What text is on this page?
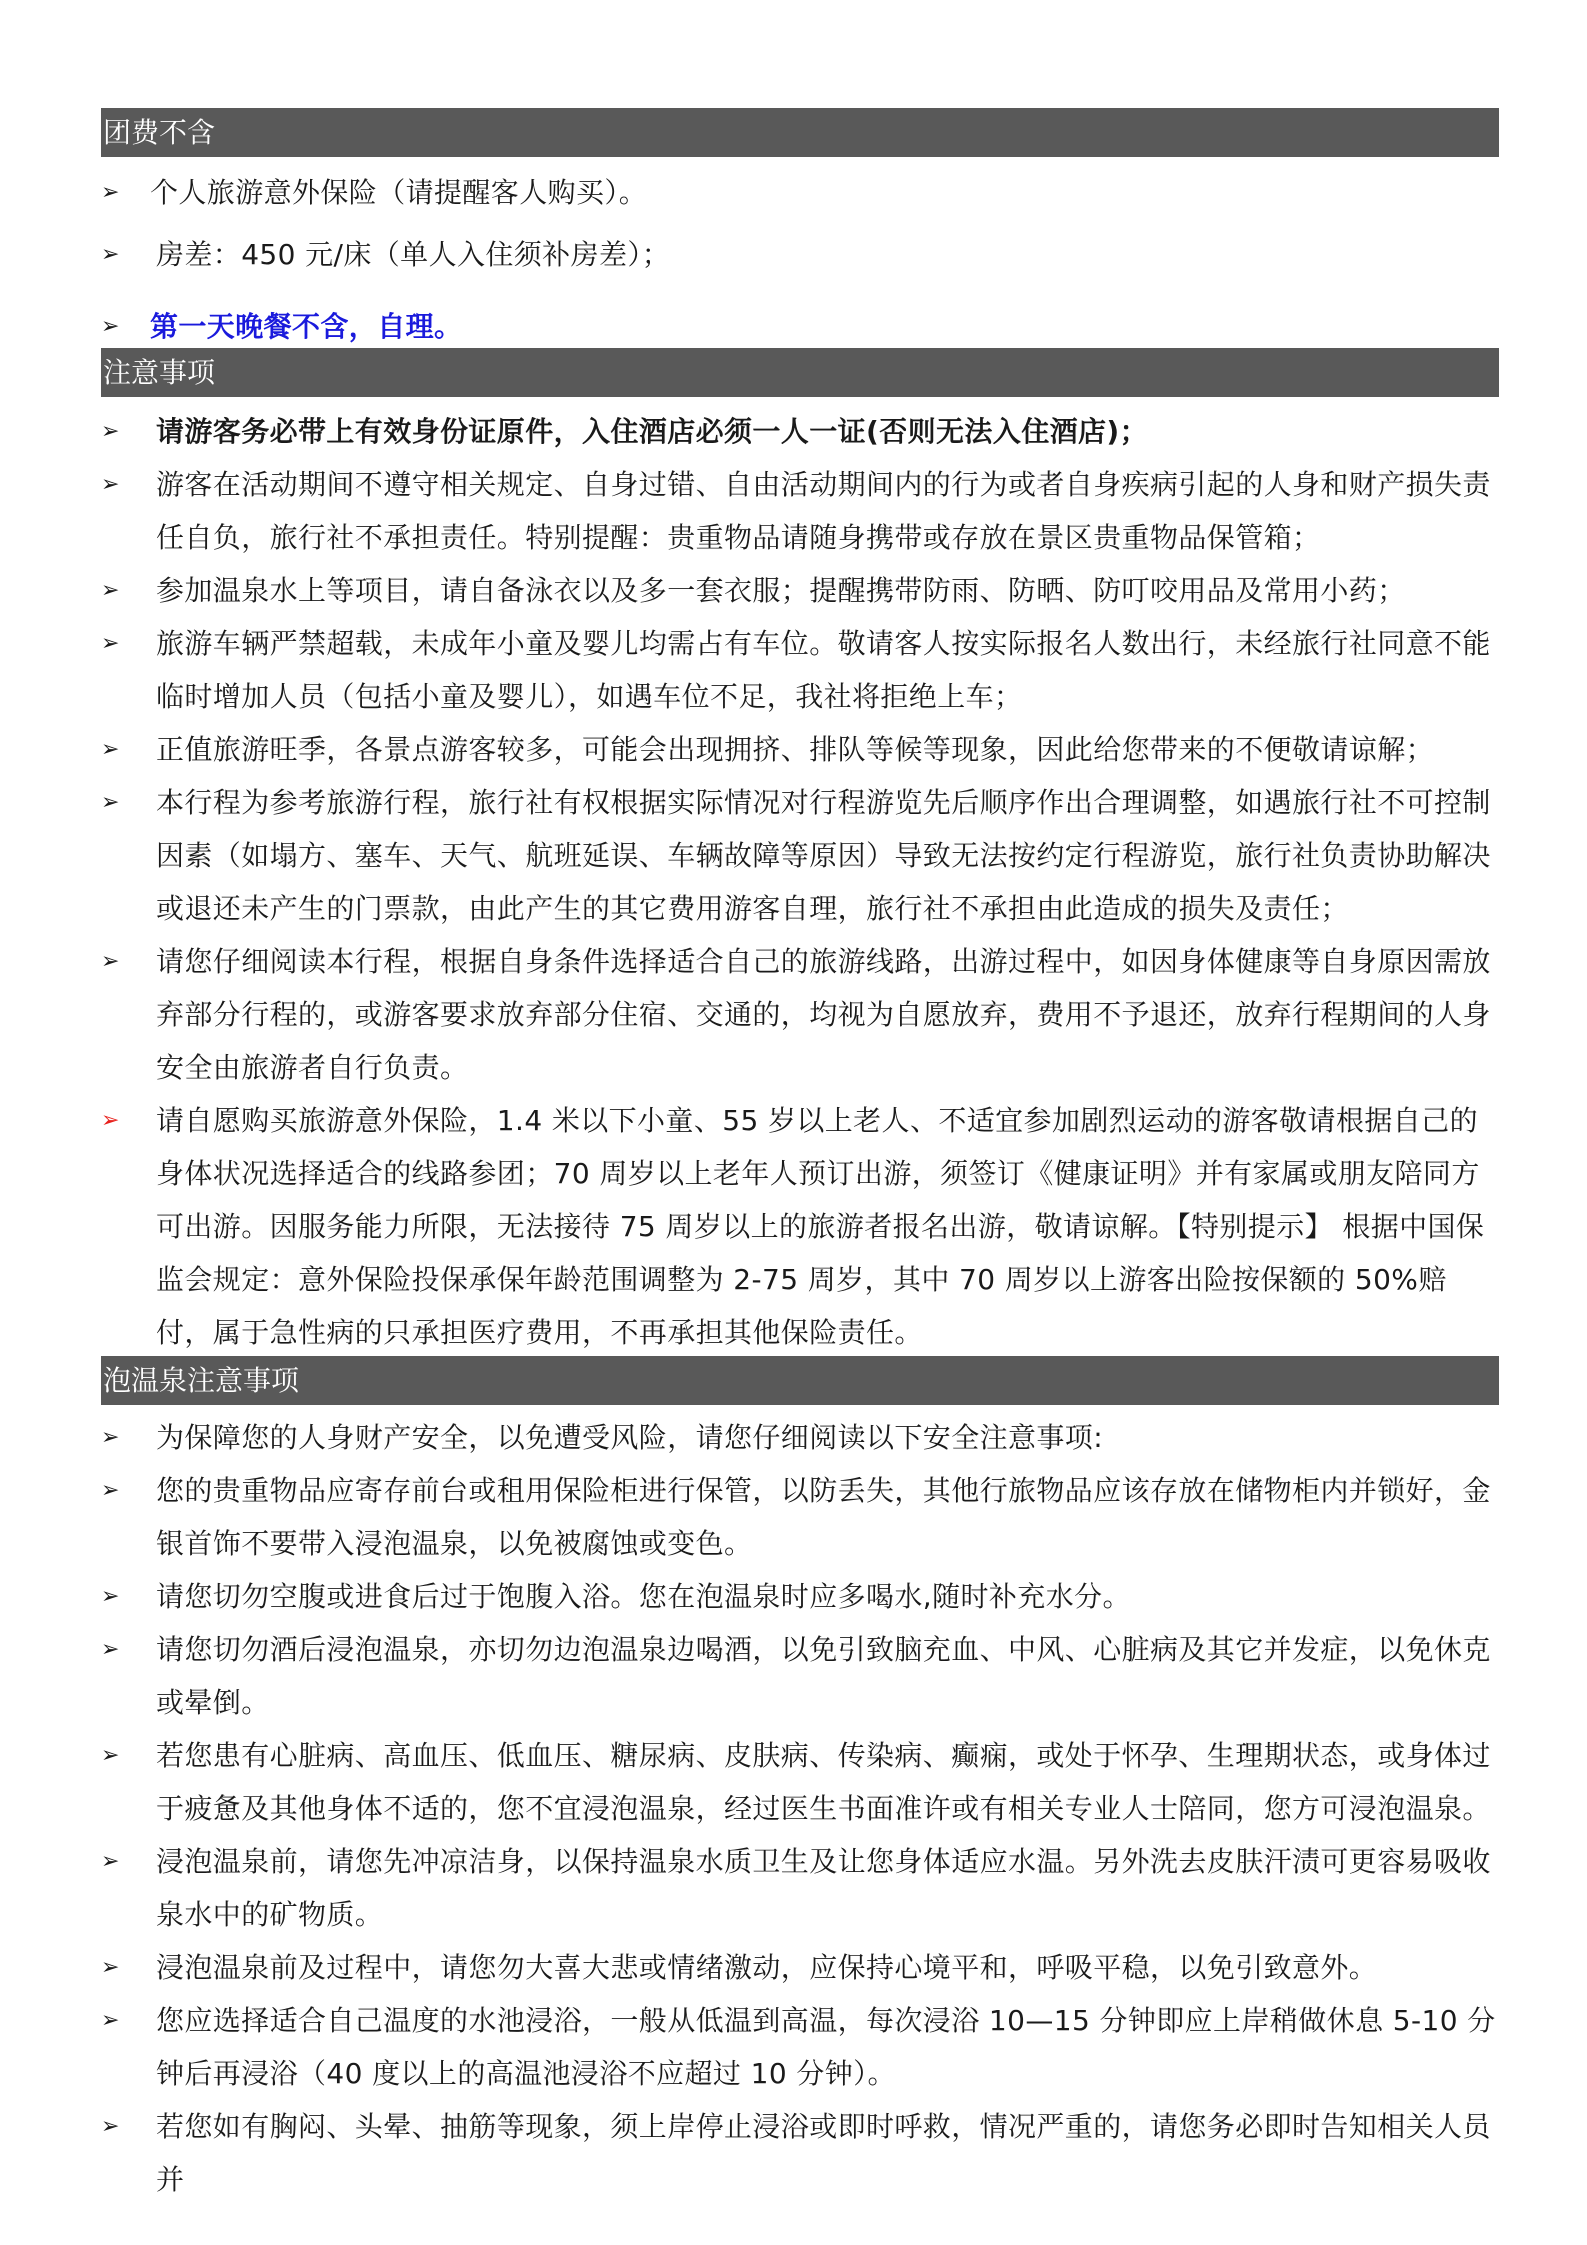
团费不含
➢ 个人旅游意外保险（请提醒客人购买）。
➢ 房差：450 元/床（单人入住须补房差）；
➢ 第一天晚餐不含，自理。
注意事项
➢ 请游客务必带上有效身份证原件，入住酒店必须一人一证(否则无法入住酒店)；
➢ 游客在活动期间不遵守相关规定、自身过错、自由活动期间内的行为或者自身疾病引起的人身和财产损失责任自负，旅行社不承担责任。特别提醒：贵重物品请随身携带或存放在景区贵重物品保管箱；
➢ 参加温泉水上等项目，请自备泳衣以及多一套衣服；提醒携带防雨、防晒、防叮咬用品及常用小药；
➢ 旅游车辆严禁超载，未成年小童及婴儿均需占有车位。敬请客人按实际报名人数出行，未经旅行社同意不能临时增加人员（包括小童及婴儿），如遇车位不足，我社将拒绝上车；
➢ 正值旅游旺季，各景点游客较多，可能会出现拥挤、排队等候等现象，因此给您带来的不便敬请谅解；
➢ 本行程为参考旅游行程，旅行社有权根据实际情况对行程游览先后顺序作出合理调整，如遇旅行社不可控制因素（如塌方、塞车、天气、航班延误、车辆故障等原因）导致无法按约定行程游览，旅行社负责协助解决或退还未产生的门票款，由此产生的其它费用游客自理，旅行社不承担由此造成的损失及责任；
➢ 请您仔细阅读本行程，根据自身条件选择适合自己的旅游线路，出游过程中，如因身体健康等自身原因需放弃部分行程的，或游客要求放弃部分住宿、交通的，均视为自愿放弃，费用不予退还，放弃行程期间的人身安全由旅游者自行负责。
➢ 请自愿购买旅游意外保险，1.4 米以下小童、55 岁以上老人、不适宜参加剧烈运动的游客敬请根据自己的身体状况选择适合的线路参团；70 周岁以上老年人预订出游，须签订《健康证明》并有家属或朋友陪同方可出游。因服务能力所限，无法接待 75 周岁以上的旅游者报名出游，敬请谅解。【特别提示】 根据中国保监会规定：意外保险投保承保年龄范围调整为 2-75 周岁，其中 70 周岁以上游客出险按保额的 50%赔付，属于急性病的只承担医疗费用，不再承担其他保险责任。
泡温泉注意事项
➢ 为保障您的人身财产安全，以免遭受风险，请您仔细阅读以下安全注意事项:
➢ 您的贵重物品应寄存前台或租用保险柜进行保管，以防丢失，其他行旅物品应该存放在储物柜内并锁好，金银首饰不要带入浸泡温泉，以免被腐蚀或变色。
➢ 请您切勿空腹或进食后过于饱腹入浴。您在泡温泉时应多喝水,随时补充水分。
➢ 请您切勿酒后浸泡温泉，亦切勿边泡温泉边喝酒，以免引致脑充血、中风、心脏病及其它并发症，以免休克或晕倒。
➢ 若您患有心脏病、高血压、低血压、糖尿病、皮肤病、传染病、癫痫，或处于怀孕、生理期状态，或身体过于疲惫及其他身体不适的，您不宜浸泡温泉，经过医生书面准许或有相关专业人士陪同，您方可浸泡温泉。
➢ 浸泡温泉前，请您先冲凉洁身，以保持温泉水质卫生及让您身体适应水温。另外洗去皮肤汗渍可更容易吸收泉水中的矿物质。
➢ 浸泡温泉前及过程中，请您勿大喜大悲或情绪激动，应保持心境平和，呼吸平稳，以免引致意外。
➢ 您应选择适合自己温度的水池浸浴，一般从低温到高温，每次浸浴 10—15 分钟即应上岸稍做休息 5-10 分钟后再浸浴（40 度以上的高温池浸浴不应超过 10 分钟）。
➢ 若您如有胸闷、头晕、抽筋等现象，须上岸停止浸浴或即时呼救，情况严重的，请您务必即时告知相关人员并
